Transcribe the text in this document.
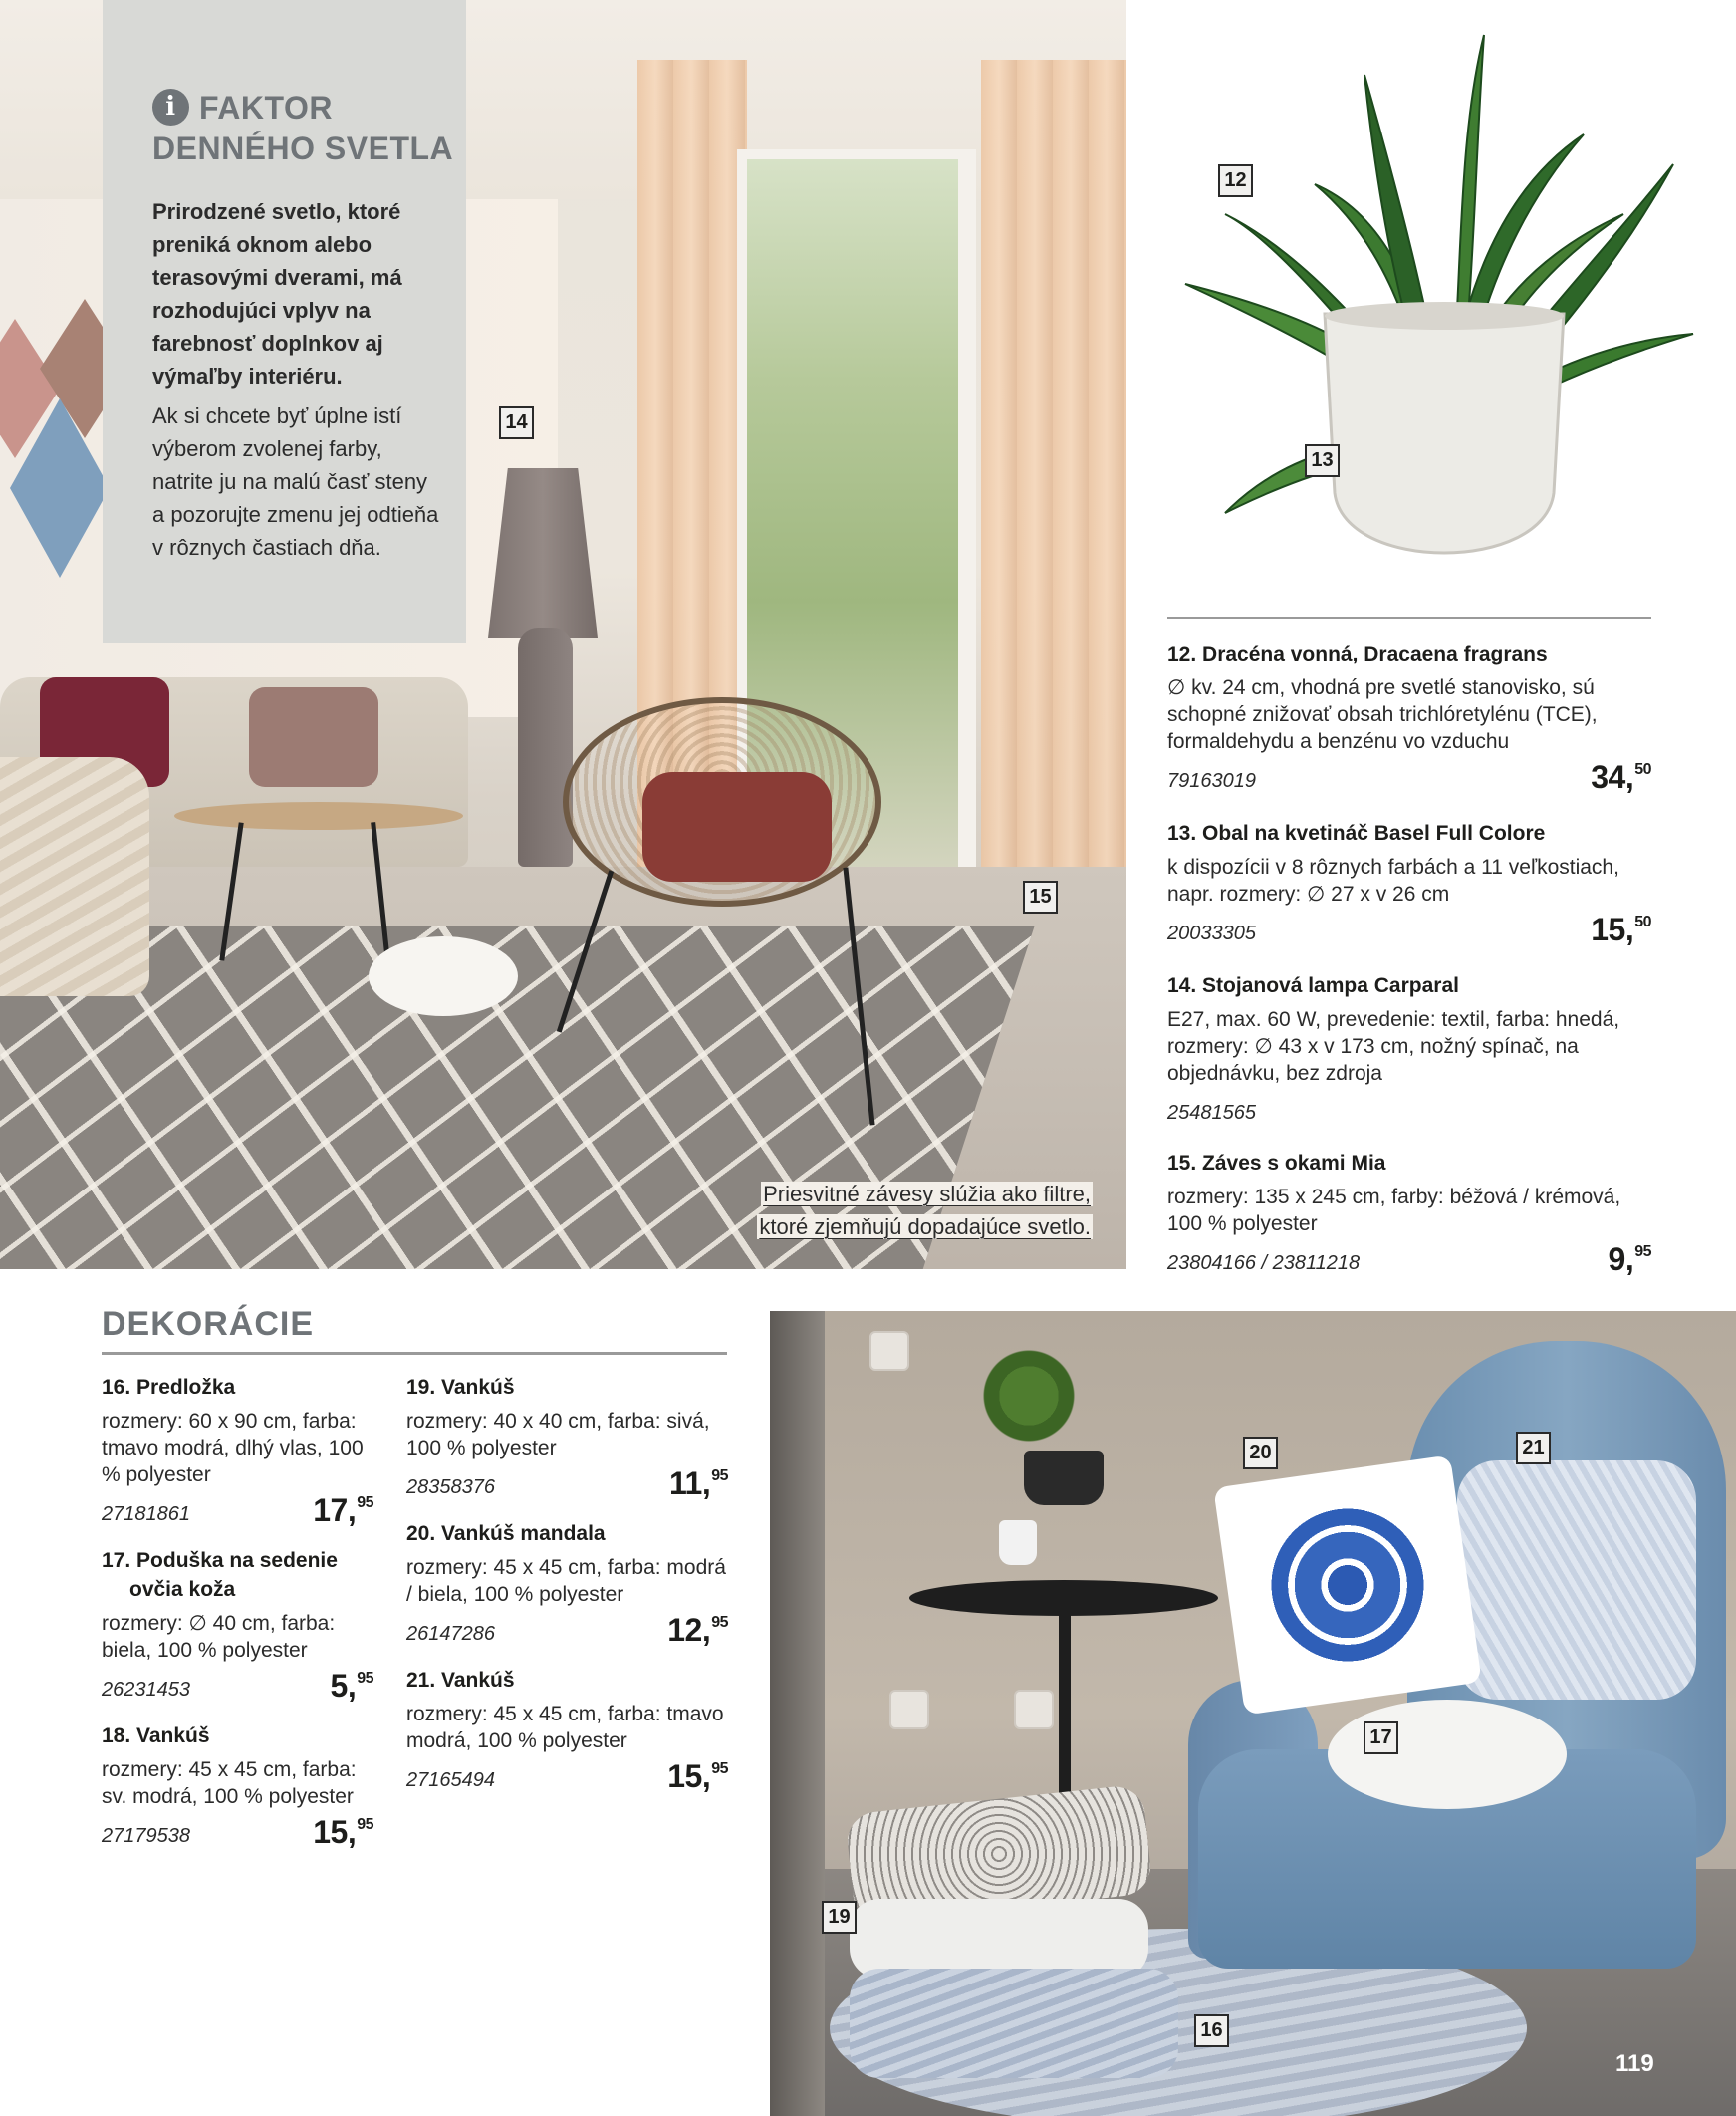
14
15
Priesvitné závesy slúžia ako filtre,
ktoré zjemňujú dopadajúce svetlo.
i FAKTOR
DENNÉHO SVETLA
Prirodzené svetlo, ktoré preniká oknom alebo terasovými dverami, má rozhodujúci vplyv na farebnosť doplnkov aj výmaľby interiéru.
Ak si chcete byť úplne istí výberom zvolenej farby, natrite ju na malú časť steny a pozorujte zmenu jej odtieňa v rôznych častiach dňa.
12
13
12. Dracéna vonná, Dracaena fragrans
∅ kv. 24 cm, vhodná pre svetlé stanovisko, sú schopné znižovať obsah trichlóretylénu (TCE), formaldehydu a benzénu vo vzduchu
79163019	34,50
13. Obal na kvetináč Basel Full Colore
k dispozícii v 8 rôznych farbách a 11 veľkostiach, napr. rozmery: ∅ 27 x v 26 cm
20033305	15,50
14. Stojanová lampa Carparal
E27, max. 60 W, prevedenie: textil, farba: hnedá, rozmery: ∅ 43 x v 173 cm, nožný spínač, na objednávku, bez zdroja
25481565
15. Záves s okami Mia
rozmery: 135 x 245 cm, farby: béžová / krémová, 100 % polyester
23804166 / 23811218	9,95
DEKORÁCIE
16. Predložka
rozmery: 60 x 90 cm, farba: tmavo modrá, dlhý vlas, 100 % polyester
27181861	17,95
17. Poduška na sedenie
ovčia koža
rozmery: ∅ 40 cm, farba: biela, 100 % polyester
26231453	5,95
18. Vankúš
rozmery: 45 x 45 cm, farba: sv. modrá, 100 % polyester
27179538	15,95
19. Vankúš
rozmery: 40 x 40 cm, farba: sivá, 100 % polyester
28358376	11,95
20. Vankúš mandala
rozmery: 45 x 45 cm, farba: modrá / biela, 100 % polyester
26147286	12,95
21. Vankúš
rozmery: 45 x 45 cm, farba: tmavo modrá, 100 % polyester
27165494	15,95
20	21
17
19
16
119
